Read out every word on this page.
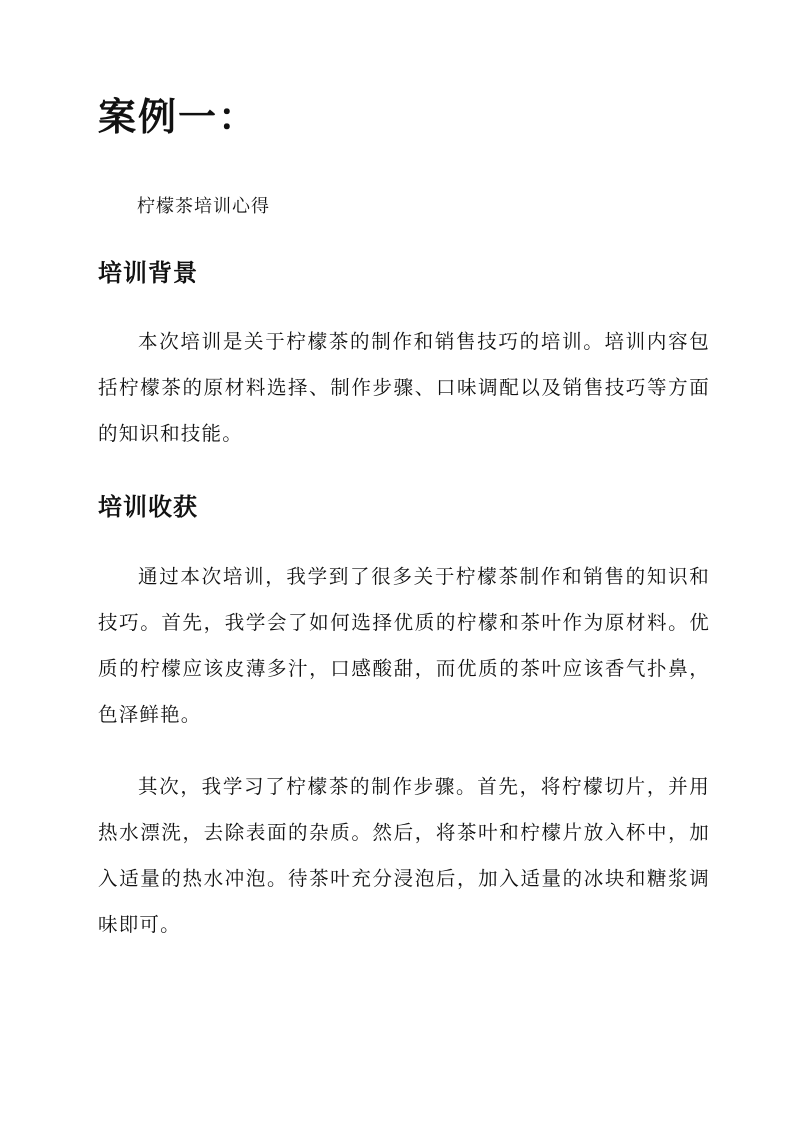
案例一：

柠檬茶培训心得

培训背景

本次培训是关于柠檬茶的制作和销售技巧的培训。培训内容包括柠檬茶的原材料选择、制作步骤、口味调配以及销售技巧等方面的知识和技能。

培训收获

通过本次培训，我学到了很多关于柠檬茶制作和销售的知识和技巧。首先，我学会了如何选择优质的柠檬和茶叶作为原材料。优质的柠檬应该皮薄多汁，口感酸甜，而优质的茶叶应该香气扑鼻，色泽鲜艳。

其次，我学习了柠檬茶的制作步骤。首先，将柠檬切片，并用热水漂洗，去除表面的杂质。然后，将茶叶和柠檬片放入杯中，加入适量的热水冲泡。待茶叶充分浸泡后，加入适量的冰块和糖浆调味即可。
